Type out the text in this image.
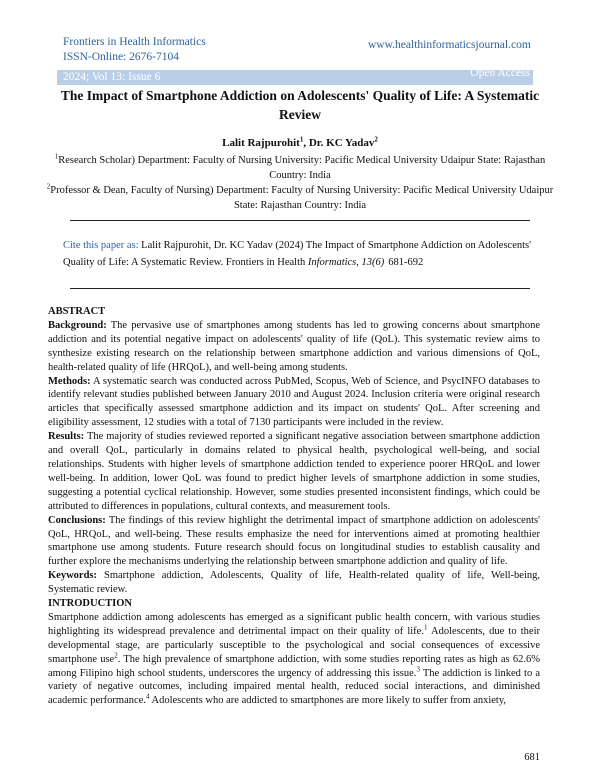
Frontiers in Health Informatics
ISSN-Online: 2676-7104
www.healthinformaticsjournal.com
2024; Vol 13: Issue 6	Open Access
The Impact of Smartphone Addiction on Adolescents' Quality of Life: A Systematic Review
Lalit Rajpurohit$^1$, Dr. KC Yadav$^2$
$^1$Research Scholar) Department: Faculty of Nursing University: Pacific Medical University Udaipur State: Rajasthan Country: India
$^2$Professor & Dean, Faculty of Nursing) Department: Faculty of Nursing University: Pacific Medical University Udaipur State: Rajasthan Country: India
Cite this paper as: Lalit Rajpurohit, Dr. KC Yadav (2024) The Impact of Smartphone Addiction on Adolescents' Quality of Life: A Systematic Review. Frontiers in Health Informatics, 13(6) 681-692

ABSTRACT

Background: The pervasive use of smartphones among students has led to growing concerns about smartphone addiction and its potential negative impact on adolescents' quality of life (QoL). This systematic review aims to synthesize existing research on the relationship between smartphone addiction and various dimensions of QoL, health-related quality of life (HRQoL), and well-being among students.

Methods: A systematic search was conducted across PubMed, Scopus, Web of Science, and PsycINFO databases to identify relevant studies published between January 2010 and August 2024. Inclusion criteria were original research articles that specifically assessed smartphone addiction and its impact on students' QoL. After screening and eligibility assessment, 12 studies with a total of 7130 participants were included in the review.

Results: The majority of studies reviewed reported a significant negative association between smartphone addiction and overall QoL, particularly in domains related to physical health, psychological well-being, and social relationships. Students with higher levels of smartphone addiction tended to experience poorer HRQoL and lower well-being. In addition, lower QoL was found to predict higher levels of smartphone addiction in some studies, suggesting a potential cyclical relationship. However, some studies presented inconsistent findings, which could be attributed to differences in populations, cultural contexts, and measurement tools.

Conclusions: The findings of this review highlight the detrimental impact of smartphone addiction on adolescents' QoL, HRQoL, and well-being. These results emphasize the need for interventions aimed at promoting healthier smartphone use among students. Future research should focus on longitudinal studies to establish causality and further explore the mechanisms underlying the relationship between smartphone addiction and quality of life.

Keywords: Smartphone addiction, Adolescents, Quality of life, Health-related quality of life, Well-being, Systematic review.

INTRODUCTION

Smartphone addiction among adolescents has emerged as a significant public health concern, with various studies highlighting its widespread prevalence and detrimental impact on their quality of life.$^1$ Adolescents, due to their developmental stage, are particularly susceptible to the psychological and social consequences of excessive smartphone use$^2$. The high prevalence of smartphone addiction, with some studies reporting rates as high as 62.6% among Filipino high school students, underscores the urgency of addressing this issue.$^3$ The addiction is linked to a variety of negative outcomes, including impaired mental health, reduced social interactions, and diminished academic performance.$^4$ Adolescents who are addicted to smartphones are more likely to suffer from anxiety,

681
